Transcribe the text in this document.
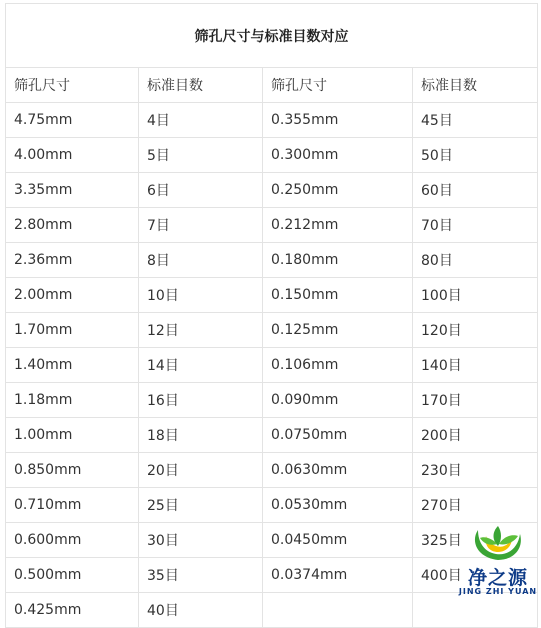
筛孔尺寸与标准目数对应			
筛孔尺寸	标准目数	筛孔尺寸	标准目数
4.75mm	4目	0.355mm	45目
4.00mm	5目	0.300mm	50目
3.35mm	6目	0.250mm	60目
2.80mm	7目	0.212mm	70目
2.36mm	8目	0.180mm	80目
2.00mm	10目	0.150mm	100目
1.70mm	12目	0.125mm	120目
1.40mm	14目	0.106mm	140目
1.18mm	16目	0.090mm	170目
1.00mm	18目	0.0750mm	200目
0.850mm	20目	0.0630mm	230目
0.710mm	25目	0.0530mm	270目
0.600mm	30目	0.0450mm	325目
0.500mm	35目	0.0374mm	400目
0.425mm	40目		
净之源
JING ZHI YUAN
